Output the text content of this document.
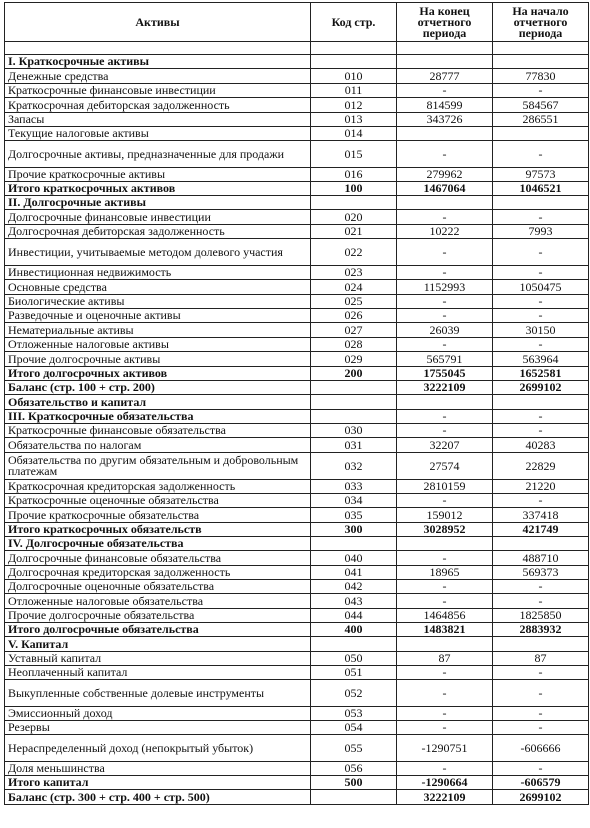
Активы	Код стр.	На конец отчетного периода	На начало отчетного периода

I. Краткосрочные активы			
Денежные средства	010	28777	77830
Краткосрочные финансовые инвестиции	011	-	-
Краткосрочная дебиторская задолженность	012	814599	584567
Запасы	013	343726	286551
Текущие налоговые активы	014		
Долгосрочные активы, предназначенные для продажи	015	-	-
Прочие краткосрочные активы	016	279962	97573
Итого краткосрочных активов	100	1467064	1046521
II. Долгосрочные активы			
Долгосрочные финансовые инвестиции	020	-	-
Долгосрочная дебиторская задолженность	021	10222	7993
Инвестиции, учитываемые методом долевого участия	022	-	-
Инвестиционная недвижимость	023	-	-
Основные средства	024	1152993	1050475
Биологические активы	025	-	-
Разведочные и оценочные активы	026	-	-
Нематериальные активы	027	26039	30150
Отложенные налоговые активы	028	-	-
Прочие долгосрочные активы	029	565791	563964
Итого долгосрочных активов	200	1755045	1652581
Баланс (стр. 100 + стр. 200)		3222109	2699102
Обязательство и капитал			
III. Краткосрочные обязательства		-	-
Краткосрочные финансовые обязательства	030	-	-
Обязательства по налогам	031	32207	40283
Обязательства по другим обязательным и добровольным платежам	032	27574	22829
Краткосрочная кредиторская задолженность	033	2810159	21220
Краткосрочные оценочные обязательства	034	-	-
Прочие краткосрочные обязательства	035	159012	337418
Итого краткосрочных обязательств	300	3028952	421749
IV. Долгосрочные обязательства			
Долгосрочные финансовые обязательства	040	-	488710
Долгосрочная кредиторская задолженность	041	18965	569373
Долгосрочные оценочные обязательства	042	-	-
Отложенные налоговые обязательства	043	-	-
Прочие долгосрочные обязательства	044	1464856	1825850
Итого долгосрочные обязательства	400	1483821	2883932
V. Капитал			
Уставный капитал	050	87	87
Неоплаченный капитал	051	-	-
Выкупленные собственные долевые инструменты	052	-	-
Эмиссионный доход	053	-	-
Резервы	054	-	-
Нераспределенный доход (непокрытый убыток)	055	-1290751	-606666
Доля меньшинства	056	-	-
Итого капитал	500	-1290664	-606579
Баланс (стр. 300 + стр. 400 + стр. 500)		3222109	2699102
